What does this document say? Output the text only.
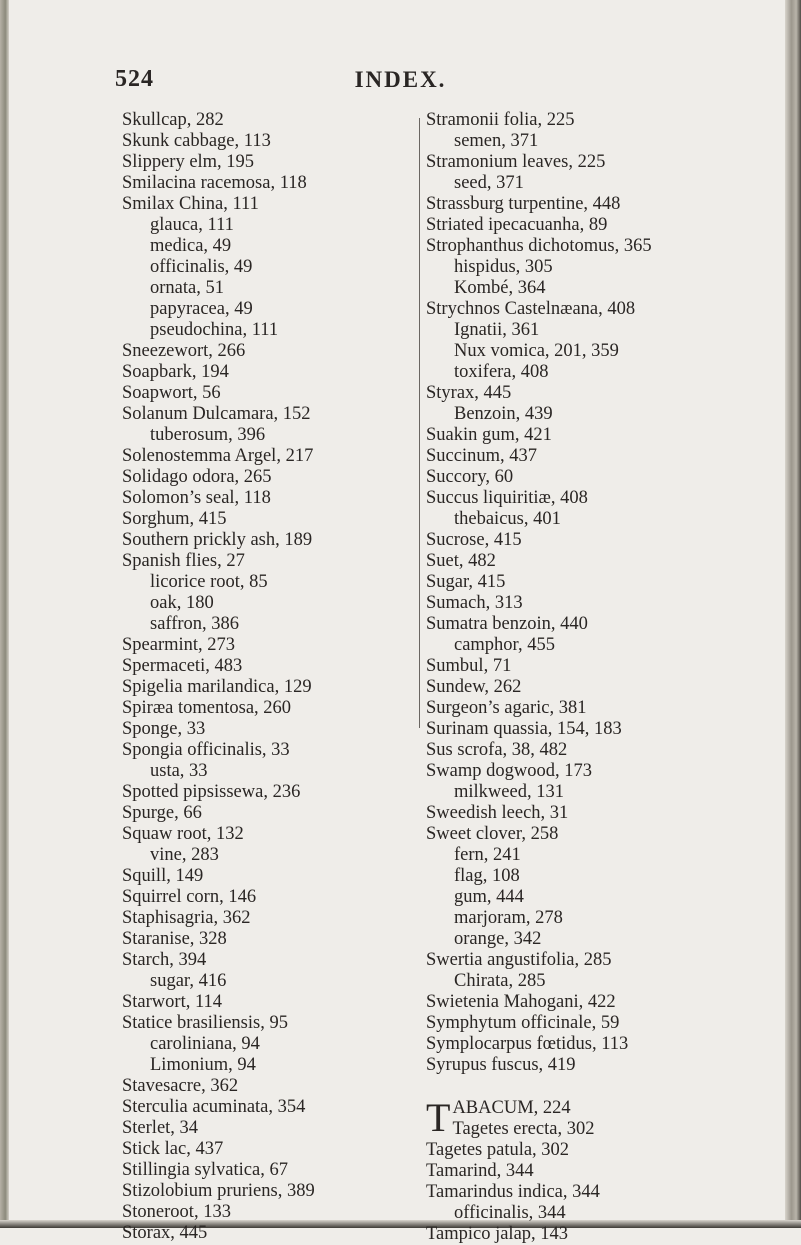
524	INDEX.
Skullcap, 282
Skunk cabbage, 113
Slippery elm, 195
Smilacina racemosa, 118
Smilax China, 111
glauca, 111
medica, 49
officinalis, 49
ornata, 51
papyracea, 49
pseudochina, 111
Sneezewort, 266
Soapbark, 194
Soapwort, 56
Solanum Dulcamara, 152
tuberosum, 396
Solenostemma Argel, 217
Solidago odora, 265
Solomon’s seal, 118
Sorghum, 415
Southern prickly ash, 189
Spanish flies, 27
licorice root, 85
oak, 180
saffron, 386
Spearmint, 273
Spermaceti, 483
Spigelia marilandica, 129
Spiræa tomentosa, 260
Sponge, 33
Spongia officinalis, 33
usta, 33
Spotted pipsissewa, 236
Spurge, 66
Squaw root, 132
vine, 283
Squill, 149
Squirrel corn, 146
Staphisagria, 362
Staranise, 328
Starch, 394
sugar, 416
Starwort, 114
Statice brasiliensis, 95
caroliniana, 94
Limonium, 94
Stavesacre, 362
Sterculia acuminata, 354
Sterlet, 34
Stick lac, 437
Stillingia sylvatica, 67
Stizolobium pruriens, 389
Stoneroot, 133
Storax, 445
Stramonii folia, 225
semen, 371
Stramonium leaves, 225
seed, 371
Strassburg turpentine, 448
Striated ipecacuanha, 89
Strophanthus dichotomus, 365
hispidus, 305
Kombé, 364
Strychnos Castelnæana, 408
Ignatii, 361
Nux vomica, 201, 359
toxifera, 408
Styrax, 445
Benzoin, 439
Suakin gum, 421
Succinum, 437
Succory, 60
Succus liquiritiæ, 408
thebaicus, 401
Sucrose, 415
Suet, 482
Sugar, 415
Sumach, 313
Sumatra benzoin, 440
camphor, 455
Sumbul, 71
Sundew, 262
Surgeon’s agaric, 381
Surinam quassia, 154, 183
Sus scrofa, 38, 482
Swamp dogwood, 173
milkweed, 131
Sweedish leech, 31
Sweet clover, 258
fern, 241
flag, 108
gum, 444
marjoram, 278
orange, 342
Swertia angustifolia, 285
Chirata, 285
Swietenia Mahogani, 422
Symphytum officinale, 59
Symplocarpus fœtidus, 113
Syrupus fuscus, 419
T ABACUM, 224
Tagetes erecta, 302
Tagetes patula, 302
Tamarind, 344
Tamarindus indica, 344
officinalis, 344
Tampico jalap, 143
